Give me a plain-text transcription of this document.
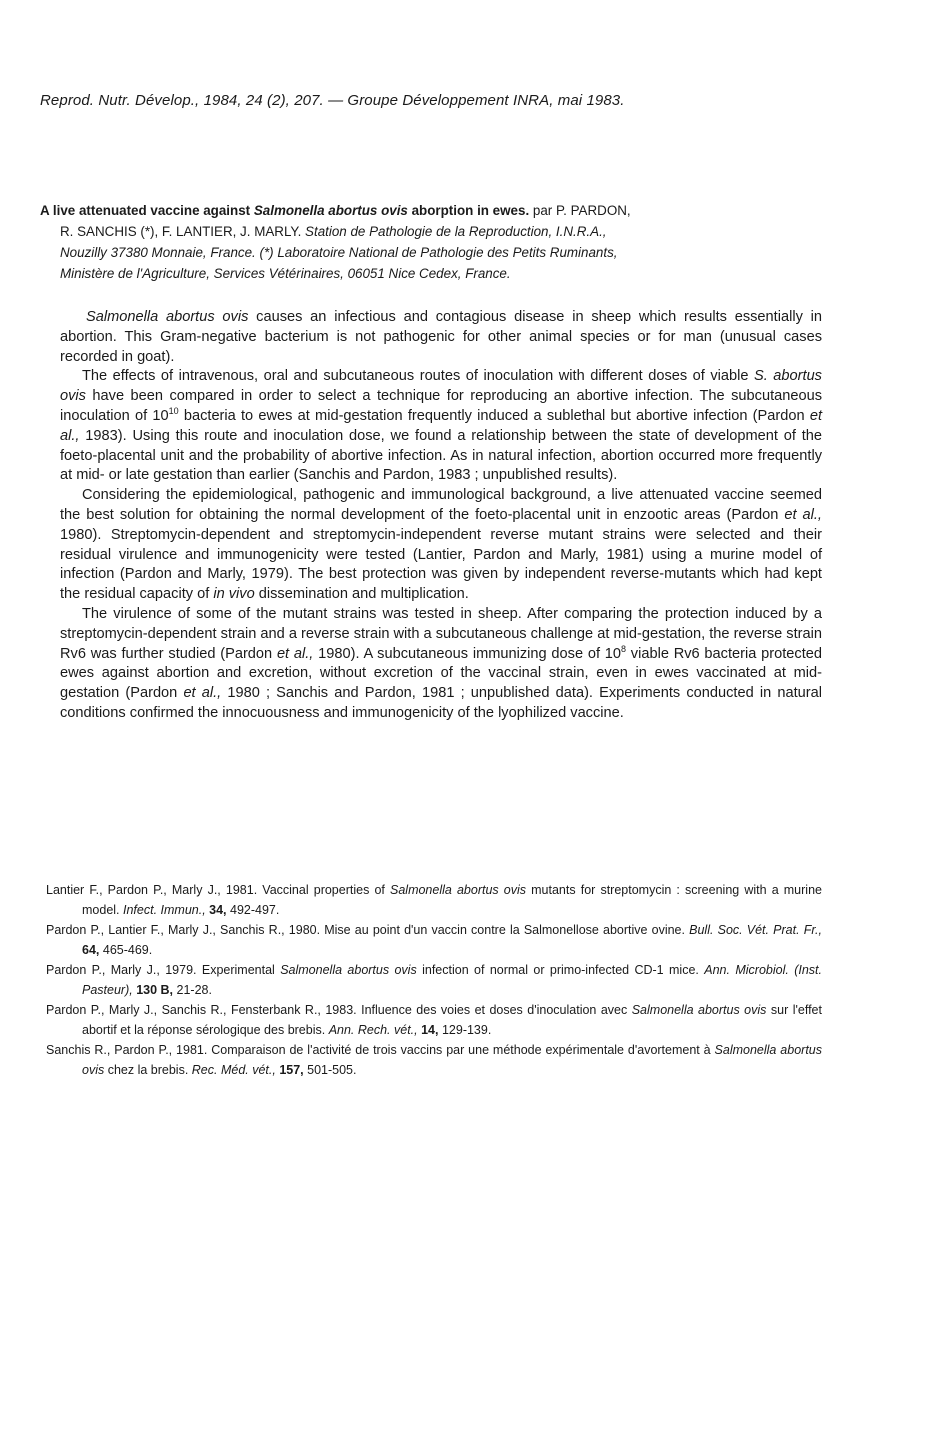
Reprod. Nutr. Dévelop., 1984, 24 (2), 207. — Groupe Développement INRA, mai 1983.
A live attenuated vaccine against Salmonella abortus ovis aborption in ewes. par P. PARDON,
R. SANCHIS (*), F. LANTIER, J. MARLY. Station de Pathologie de la Reproduction, I.N.R.A.,
Nouzilly 37380 Monnaie, France. (*) Laboratoire National de Pathologie des Petits Ruminants,
Ministère de l'Agriculture, Services Vétérinaires, 06051 Nice Cedex, France.

Salmonella abortus ovis causes an infectious and contagious disease in sheep which results essentially in abortion. This Gram-negative bacterium is not pathogenic for other animal species or for man (unusual cases recorded in goat).

The effects of intravenous, oral and subcutaneous routes of inoculation with different doses of viable S. abortus ovis have been compared in order to select a technique for reproducing an abortive infection. The subcutaneous inoculation of $10^{10}$ bacteria to ewes at mid-gestation frequently induced a sublethal but abortive infection (Pardon et al., 1983). Using this route and inoculation dose, we found a relationship between the state of development of the foeto-placental unit and the probability of abortive infection. As in natural infection, abortion occurred more frequently at mid- or late gestation than earlier (Sanchis and Pardon, 1983 ; unpublished results).

Considering the epidemiological, pathogenic and immunological background, a live attenuated vaccine seemed the best solution for obtaining the normal development of the foeto-placental unit in enzootic areas (Pardon et al., 1980). Streptomycin-dependent and streptomycin-independent reverse mutant strains were selected and their residual virulence and immunogenicity were tested (Lantier, Pardon and Marly, 1981) using a murine model of infection (Pardon and Marly, 1979). The best protection was given by independent reverse-mutants which had kept the residual capacity of in vivo dissemination and multiplication.

The virulence of some of the mutant strains was tested in sheep. After comparing the protection induced by a streptomycin-dependent strain and a reverse strain with a subcutaneous challenge at mid-gestation, the reverse strain Rv6 was further studied (Pardon et al., 1980). A subcutaneous immunizing dose of $10^8$ viable Rv6 bacteria protected ewes against abortion and excretion, without excretion of the vaccinal strain, even in ewes vaccinated at mid-gestation (Pardon et al., 1980 ; Sanchis and Pardon, 1981 ; unpublished data). Experiments conducted in natural conditions confirmed the innocuousness and immunogenicity of the lyophilized vaccine.

Lantier F., Pardon P., Marly J., 1981. Vaccinal properties of Salmonella abortus ovis mutants for streptomycin : screening with a murine model. Infect. Immun., 34, 492-497.
Pardon P., Lantier F., Marly J., Sanchis R., 1980. Mise au point d'un vaccin contre la Salmonellose abortive ovine. Bull. Soc. Vét. Prat. Fr., 64, 465-469.
Pardon P., Marly J., 1979. Experimental Salmonella abortus ovis infection of normal or primo-infected CD-1 mice. Ann. Microbiol. (Inst. Pasteur), 130 B, 21-28.
Pardon P., Marly J., Sanchis R., Fensterbank R., 1983. Influence des voies et doses d'inoculation avec Salmonella abortus ovis sur l'effet abortif et la réponse sérologique des brebis. Ann. Rech. vét., 14, 129-139.
Sanchis R., Pardon P., 1981. Comparaison de l'activité de trois vaccins par une méthode expérimentale d'avortement à Salmonella abortus ovis chez la brebis. Rec. Méd. vét., 157, 501-505.
